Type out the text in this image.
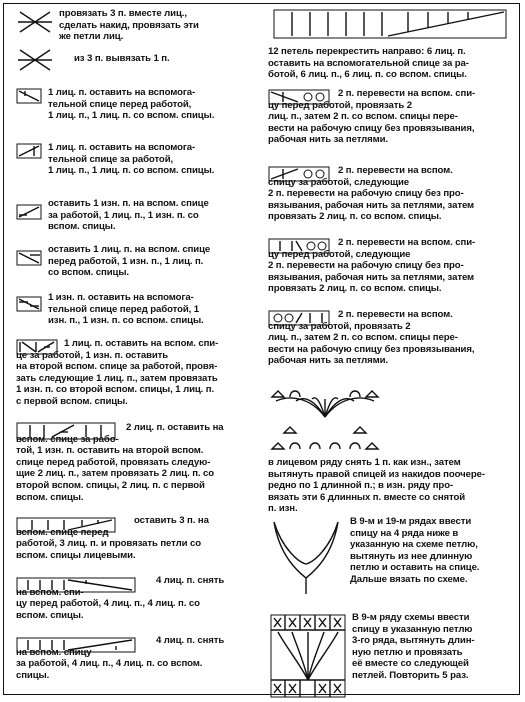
провязать 3 п. вместе лиц.,
сделать накид, провязать эти
же петли лиц.
из 3 п. вывязать 1 п.
1 лиц. п. оставить на вспомога-
тельной спице перед работой,
1 лиц. п., 1 лиц. п. со вспом. спицы.
1 лиц. п. оставить на вспомога-
тельной спице за работой,
1 лиц. п., 1 лиц. п. со вспом. спицы.
оставить 1 изн. п. на вспом. спице
за работой, 1 лиц. п., 1 изн. п. со
вспом. спицы.
оставить 1 лиц. п. на вспом. спице
перед работой, 1 изн. п., 1 лиц. п.
со вспом. спицы.
1 изн. п. оставить на вспомога-
тельной спице перед работой, 1
изн. п., 1 изн. п. со вспом. спицы.
1 лиц. п. оставить на вспом. спи-
це за работой, 1 изн. п. оставить
на второй вспом. спице за работой, провя-
зать следующие 1 лиц. п., затем провязать
1 изн. п. со второй вспом. спицы, 1 лиц. п.
с первой вспом. спицы.
2 лиц. п. оставить на
вспом. спице за рабо-
той, 1 изн. п. оставить на второй вспом.
спице перед работой, провязать следую-
щие 2 лиц. п., затем провязать 2 лиц. п. со
второй вспом. спицы, 2 лиц. п. с первой
вспом. спицы.
оставить 3 п. на
вспом. спице перед
работой, 3 лиц. п. и провязать петли со
вспом. спицы лицевыми.
4 лиц. п. снять
на вспом. спи-
цу перед работой, 4 лиц. п., 4 лиц. п. со
вспом. спицы.
4 лиц. п. снять
на вспом. спицу
за работой, 4 лиц. п., 4 лиц. п. со вспом.
спицы.
12 петель перекрестить направо: 6 лиц. п.
оставить на вспомогательной спице за ра-
ботой, 6 лиц. п., 6 лиц. п. со вспом. спицы.
2 п. перевести на вспом. спи-
цу перед работой, провязать 2
лиц. п., затем 2 п. со вспом. спицы пере-
вести на рабочую спицу без провязывания,
рабочая нить за петлями.
2 п. перевести на вспом.
спицу за работой, следующие
2 п. перевести на рабочую спицу без про-
вязывания, рабочая нить за петлями, затем
провязать 2 лиц. п. со вспом. спицы.
2 п. перевести на вспом. спи-
цу перед работой, следующие
2 п. перевести на рабочую спицу без про-
вязывания, рабочая нить за петлями, затем
провязать 2 лиц. п. со вспом. спицы.
2 п. перевести на вспом.
спицу за работой, провязать 2
лиц. п., затем 2 п. со вспом. спицы пере-
вести на рабочую спицу без провязывания,
рабочая нить за петлями.
в лицевом ряду снять 1 п. как изн., затем
вытянуть правой спицей из накидов поочере-
редно по 1 длинной п.; в изн. ряду про-
вязать эти 6 длинных п. вместе со снятой
п. изн.
В 9-м и 19-м рядах ввести
спицу на 4 ряда ниже в
указанную на схеме петлю,
вытянуть из нее длинную
петлю и оставить на спице.
Дальше вязать по схеме.
В 9-м ряду схемы ввести
спицу в указанную петлю
3-го ряда, вытянуть длин-
ную петлю и провязать
её вместе со следующей
петлей. Повторить 5 раз.
